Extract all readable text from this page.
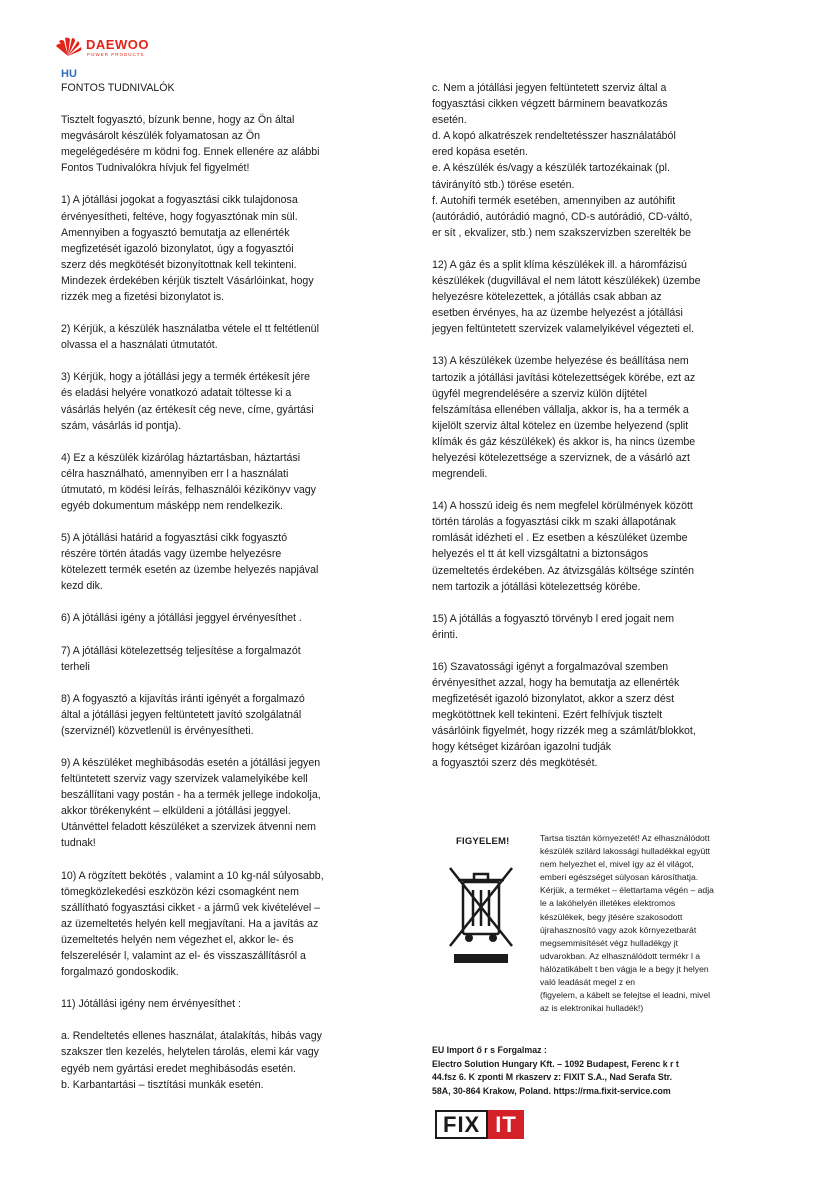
DAEWOO
POWER PRODUCTS
HU

FONTOS TUDNIVALÓK

Tisztelt fogyasztó, bízunk benne, hogy az Ön által
megvásárolt készülék folyamatosan az Ön
megelégedésére m ködni fog. Ennek ellenére az alábbi
Fontos Tudnivalókra hívjuk fel figyelmét!

1) A jótállási jogokat a fogyasztási cikk tulajdonosa
érvényesítheti, feltéve, hogy fogyasztónak min sül.
Amennyiben a fogyasztó bemutatja az ellenérték
megfizetését igazoló bizonylatot, úgy a fogyasztói
szerz dés megkötését bizonyítottnak kell tekinteni.
Mindezek érdekében kérjük tisztelt Vásárlóinkat, hogy
rizzék meg a fizetési bizonylatot is.

2) Kérjük, a készülék használatba vétele el tt feltétlenül
olvassa el a használati útmutatót.

3) Kérjük, hogy a jótállási jegy a termék értékesít jére
és eladási helyére vonatkozó adatait töltesse ki a
vásárlás helyén (az értékesít cég neve, címe, gyártási
szám, vásárlás id pontja).

4) Ez a készülék kizárólag háztartásban, háztartási
célra használható, amennyiben err l a használati
útmutató, m ködési leírás, felhasználói kézikönyv vagy
egyéb dokumentum másképp nem rendelkezik.

5) A jótállási határid a fogyasztási cikk fogyasztó
részére történ átadás vagy üzembe helyezésre
kötelezett termék esetén az üzembe helyezés napjával
kezd dik.

6) A jótállási igény a jótállási jeggyel érvényesíthet .

7) A jótállási kötelezettség teljesítése a forgalmazót
terheli

8) A fogyasztó a kijavítás iránti igényét a forgalmazó
által a jótállási jegyen feltüntetett javító szolgálatnál
(szerviznél) közvetlenül is érvényesítheti.

9) A készüléket meghibásodás esetén a jótállási jegyen
feltüntetett szerviz vagy szervizek valamelyikébe kell
beszállítani vagy postán - ha a termék jellege indokolja,
akkor törékenyként – elküldeni a jótállási jeggyel.
Utánvéttel feladott készüléket a szervizek átvenni nem
tudnak!

10) A rögzített bekötés , valamint a 10 kg-nál súlyosabb,
tömegközlekedési eszközön kézi csomagként nem
szállítható fogyasztási cikket - a jármű vek kivételével –
az üzemeltetés helyén kell megjavítani. Ha a javítás az
üzemeltetés helyén nem végezhet el, akkor le- és
felszerelésér l, valamint az el- és visszaszállításról a
forgalmazó gondoskodik.

11) Jótállási igény nem érvényesíthet :

a. Rendeltetés ellenes használat, átalakítás, hibás vagy
szakszer tlen kezelés, helytelen tárolás, elemi kár vagy
egyéb nem gyártási eredet meghibásodás esetén.
b. Karbantartási – tisztítási munkák esetén.

c. Nem a jótállási jegyen feltüntetett szerviz által a
fogyasztási cikken végzett bárminem beavatkozás
esetén.
d. A kopó alkatrészek rendeltetésszer használatából
ered kopása esetén.
e. A készülék és/vagy a készülék tartozékainak (pl.
távirányító stb.) törése esetén.
f. Autohifi termék esetében, amennyiben az autóhifit
(autórádió, autórádió magnó, CD-s autórádió, CD-váltó,
er sít , ekvalizer, stb.) nem szakszervizben szerelték be

12) A gáz és a split klíma készülékek ill. a háromfázisú
készülékek (dugvillával el nem látott készülékek) üzembe
helyezésre kötelezettek, a jótállás csak abban az
esetben érvényes, ha az üzembe helyezést a jótállási
jegyen feltüntetett szervizek valamelyikével végezteti el.

13) A készülékek üzembe helyezése és beállítása nem
tartozik a jótállási javítási kötelezettségek körébe, ezt az
ügyfél megrendelésére a szerviz külön díjtétel
felszámítása ellenében vállalja, akkor is, ha a termék a
kijelölt szerviz által kötelez en üzembe helyezend (split
klímák és gáz készülékek) és akkor is, ha nincs üzembe
helyezési kötelezettsége a szerviznek, de a vásárló azt
megrendeli.

14) A hosszú ideig és nem megfelel körülmények között
történ tárolás a fogyasztási cikk m szaki állapotának
romlását idézheti el . Ez esetben a készüléket üzembe
helyezés el tt át kell vizsgáltatni a biztonságos
üzemeltetés érdekében. Az átvizsgálás költsége szintén
nem tartozik a jótállási kötelezettség körébe.

15) A jótállás a fogyasztó törvényb l ered jogait nem
érinti.

16) Szavatossági igényt a forgalmazóval szemben
érvényesíthet azzal, hogy ha bemutatja az ellenérték
megfizetését igazoló bizonylatot, akkor a szerz dést
megkötöttnek kell tekinteni. Ezért felhívjuk tisztelt
vásárlóink figyelmét, hogy rizzék meg a számlát/blokkot,
hogy kétséget kizáróan igazolni tudják
a fogyasztói szerz dés megkötését.

FIGYELEM!	Tartsa tisztán környezetét! Az elhasználódott
készülék szilárd lakossági hulladékkal együtt
nem helyezhet el, mivel így az él világot,
emberi egészséget súlyosan károsíthatja.
Kérjük, a terméket – élettartama végén – adja
le a lakóhelyén illetékes elektromos
készülékek, begy jtésére szakosodott
újrahasznosító vagy azok környezetbarát
megsemmisítését végz hulladékgy jt
udvarokban. Az elhasználódott termékr l a
hálózatikábelt t ben vágja le a begy jt helyen
való leadását megel z en
(figyelem, a kábelt se felejtse el leadni, mivel
az is elektronikai hulladék!)
EU Import ő r s Forgalmaz :
Electro Solution Hungary Kft. – 1092 Budapest, Ferenc k r t
44.fsz 6. K zponti M rkaszerv z: FIXIT S.A., Nad Serafa Str.
58A, 30-864 Krakow, Poland. https://rma.fixit-service.com
FIX IT
